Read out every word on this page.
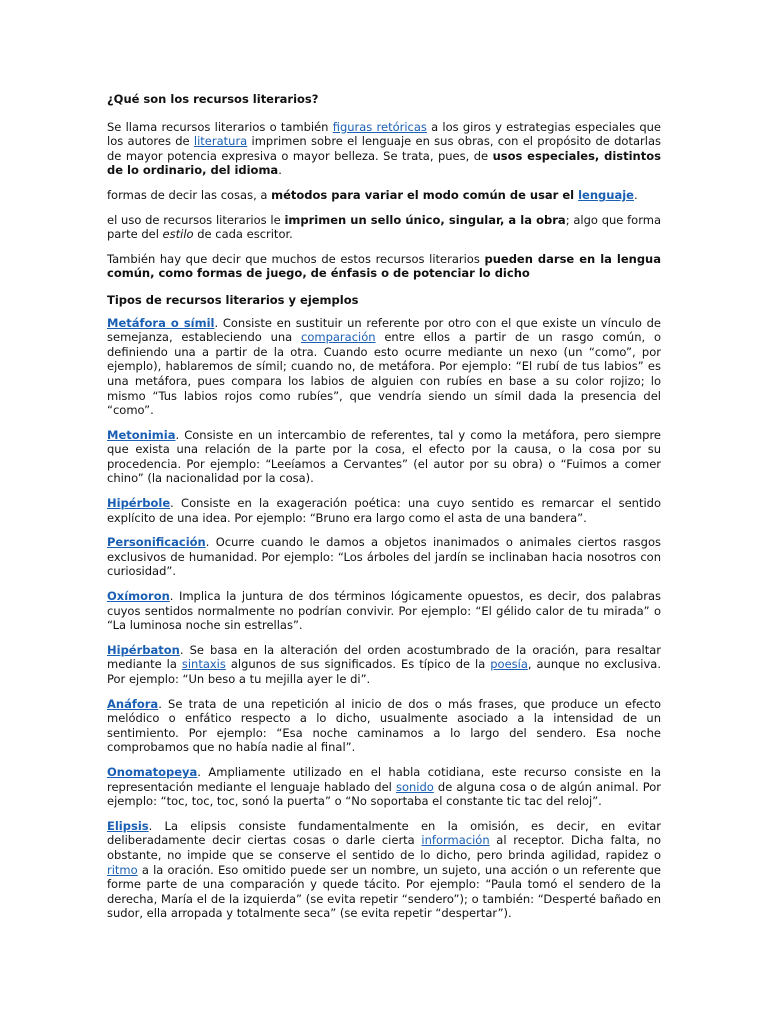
¿Qué son los recursos literarios?

Se llama recursos literarios o también figuras retóricas a los giros y estrategias especiales que los autores de literatura imprimen sobre el lenguaje en sus obras, con el propósito de dotarlas de mayor potencia expresiva o mayor belleza. Se trata, pues, de usos especiales, distintos de lo ordinario, del idioma.

formas de decir las cosas, a métodos para variar el modo común de usar el lenguaje.

el uso de recursos literarios le imprimen un sello único, singular, a la obra; algo que forma parte del estilo de cada escritor.

También hay que decir que muchos de estos recursos literarios pueden darse en la lengua común, como formas de juego, de énfasis o de potenciar lo dicho

Tipos de recursos literarios y ejemplos

Metáfora o símil. Consiste en sustituir un referente por otro con el que existe un vínculo de semejanza, estableciendo una comparación entre ellos a partir de un rasgo común, o definiendo una a partir de la otra. Cuando esto ocurre mediante un nexo (un “como”, por ejemplo), hablaremos de símil; cuando no, de metáfora. Por ejemplo: “El rubí de tus labios” es una metáfora, pues compara los labios de alguien con rubíes en base a su color rojizo; lo mismo “Tus labios rojos como rubíes”, que vendría siendo un símil dada la presencia del “como”.

Metonimia. Consiste en un intercambio de referentes, tal y como la metáfora, pero siempre que exista una relación de la parte por la cosa, el efecto por la causa, o la cosa por su procedencia. Por ejemplo: “Leeíamos a Cervantes” (el autor por su obra) o “Fuimos a comer chino” (la nacionalidad por la cosa).

Hipérbole. Consiste en la exageración poética: una cuyo sentido es remarcar el sentido explícito de una idea. Por ejemplo: “Bruno era largo como el asta de una bandera”.

Personificación. Ocurre cuando le damos a objetos inanimados o animales ciertos rasgos exclusivos de humanidad. Por ejemplo: “Los árboles del jardín se inclinaban hacia nosotros con curiosidad”.

Oxímoron. Implica la juntura de dos términos lógicamente opuestos, es decir, dos palabras cuyos sentidos normalmente no podrían convivir. Por ejemplo: “El gélido calor de tu mirada” o “La luminosa noche sin estrellas”.

Hipérbaton. Se basa en la alteración del orden acostumbrado de la oración, para resaltar mediante la sintaxis algunos de sus significados. Es típico de la poesía, aunque no exclusiva. Por ejemplo: “Un beso a tu mejilla ayer le di”.

Anáfora. Se trata de una repetición al inicio de dos o más frases, que produce un efecto melódico o enfático respecto a lo dicho, usualmente asociado a la intensidad de un sentimiento. Por ejemplo: “Esa noche caminamos a lo largo del sendero. Esa noche comprobamos que no había nadie al final”.

Onomatopeya. Ampliamente utilizado en el habla cotidiana, este recurso consiste en la representación mediante el lenguaje hablado del sonido de alguna cosa o de algún animal. Por ejemplo: “toc, toc, toc, sonó la puerta” o “No soportaba el constante tic tac del reloj”.

Elipsis. La elipsis consiste fundamentalmente en la omisión, es decir, en evitar deliberadamente decir ciertas cosas o darle cierta información al receptor. Dicha falta, no obstante, no impide que se conserve el sentido de lo dicho, pero brinda agilidad, rapidez o ritmo a la oración. Eso omitido puede ser un nombre, un sujeto, una acción o un referente que forme parte de una comparación y quede tácito. Por ejemplo: “Paula tomó el sendero de la derecha, María el de la izquierda” (se evita repetir “sendero”); o también: “Desperté bañado en sudor, ella arropada y totalmente seca” (se evita repetir “despertar”).
